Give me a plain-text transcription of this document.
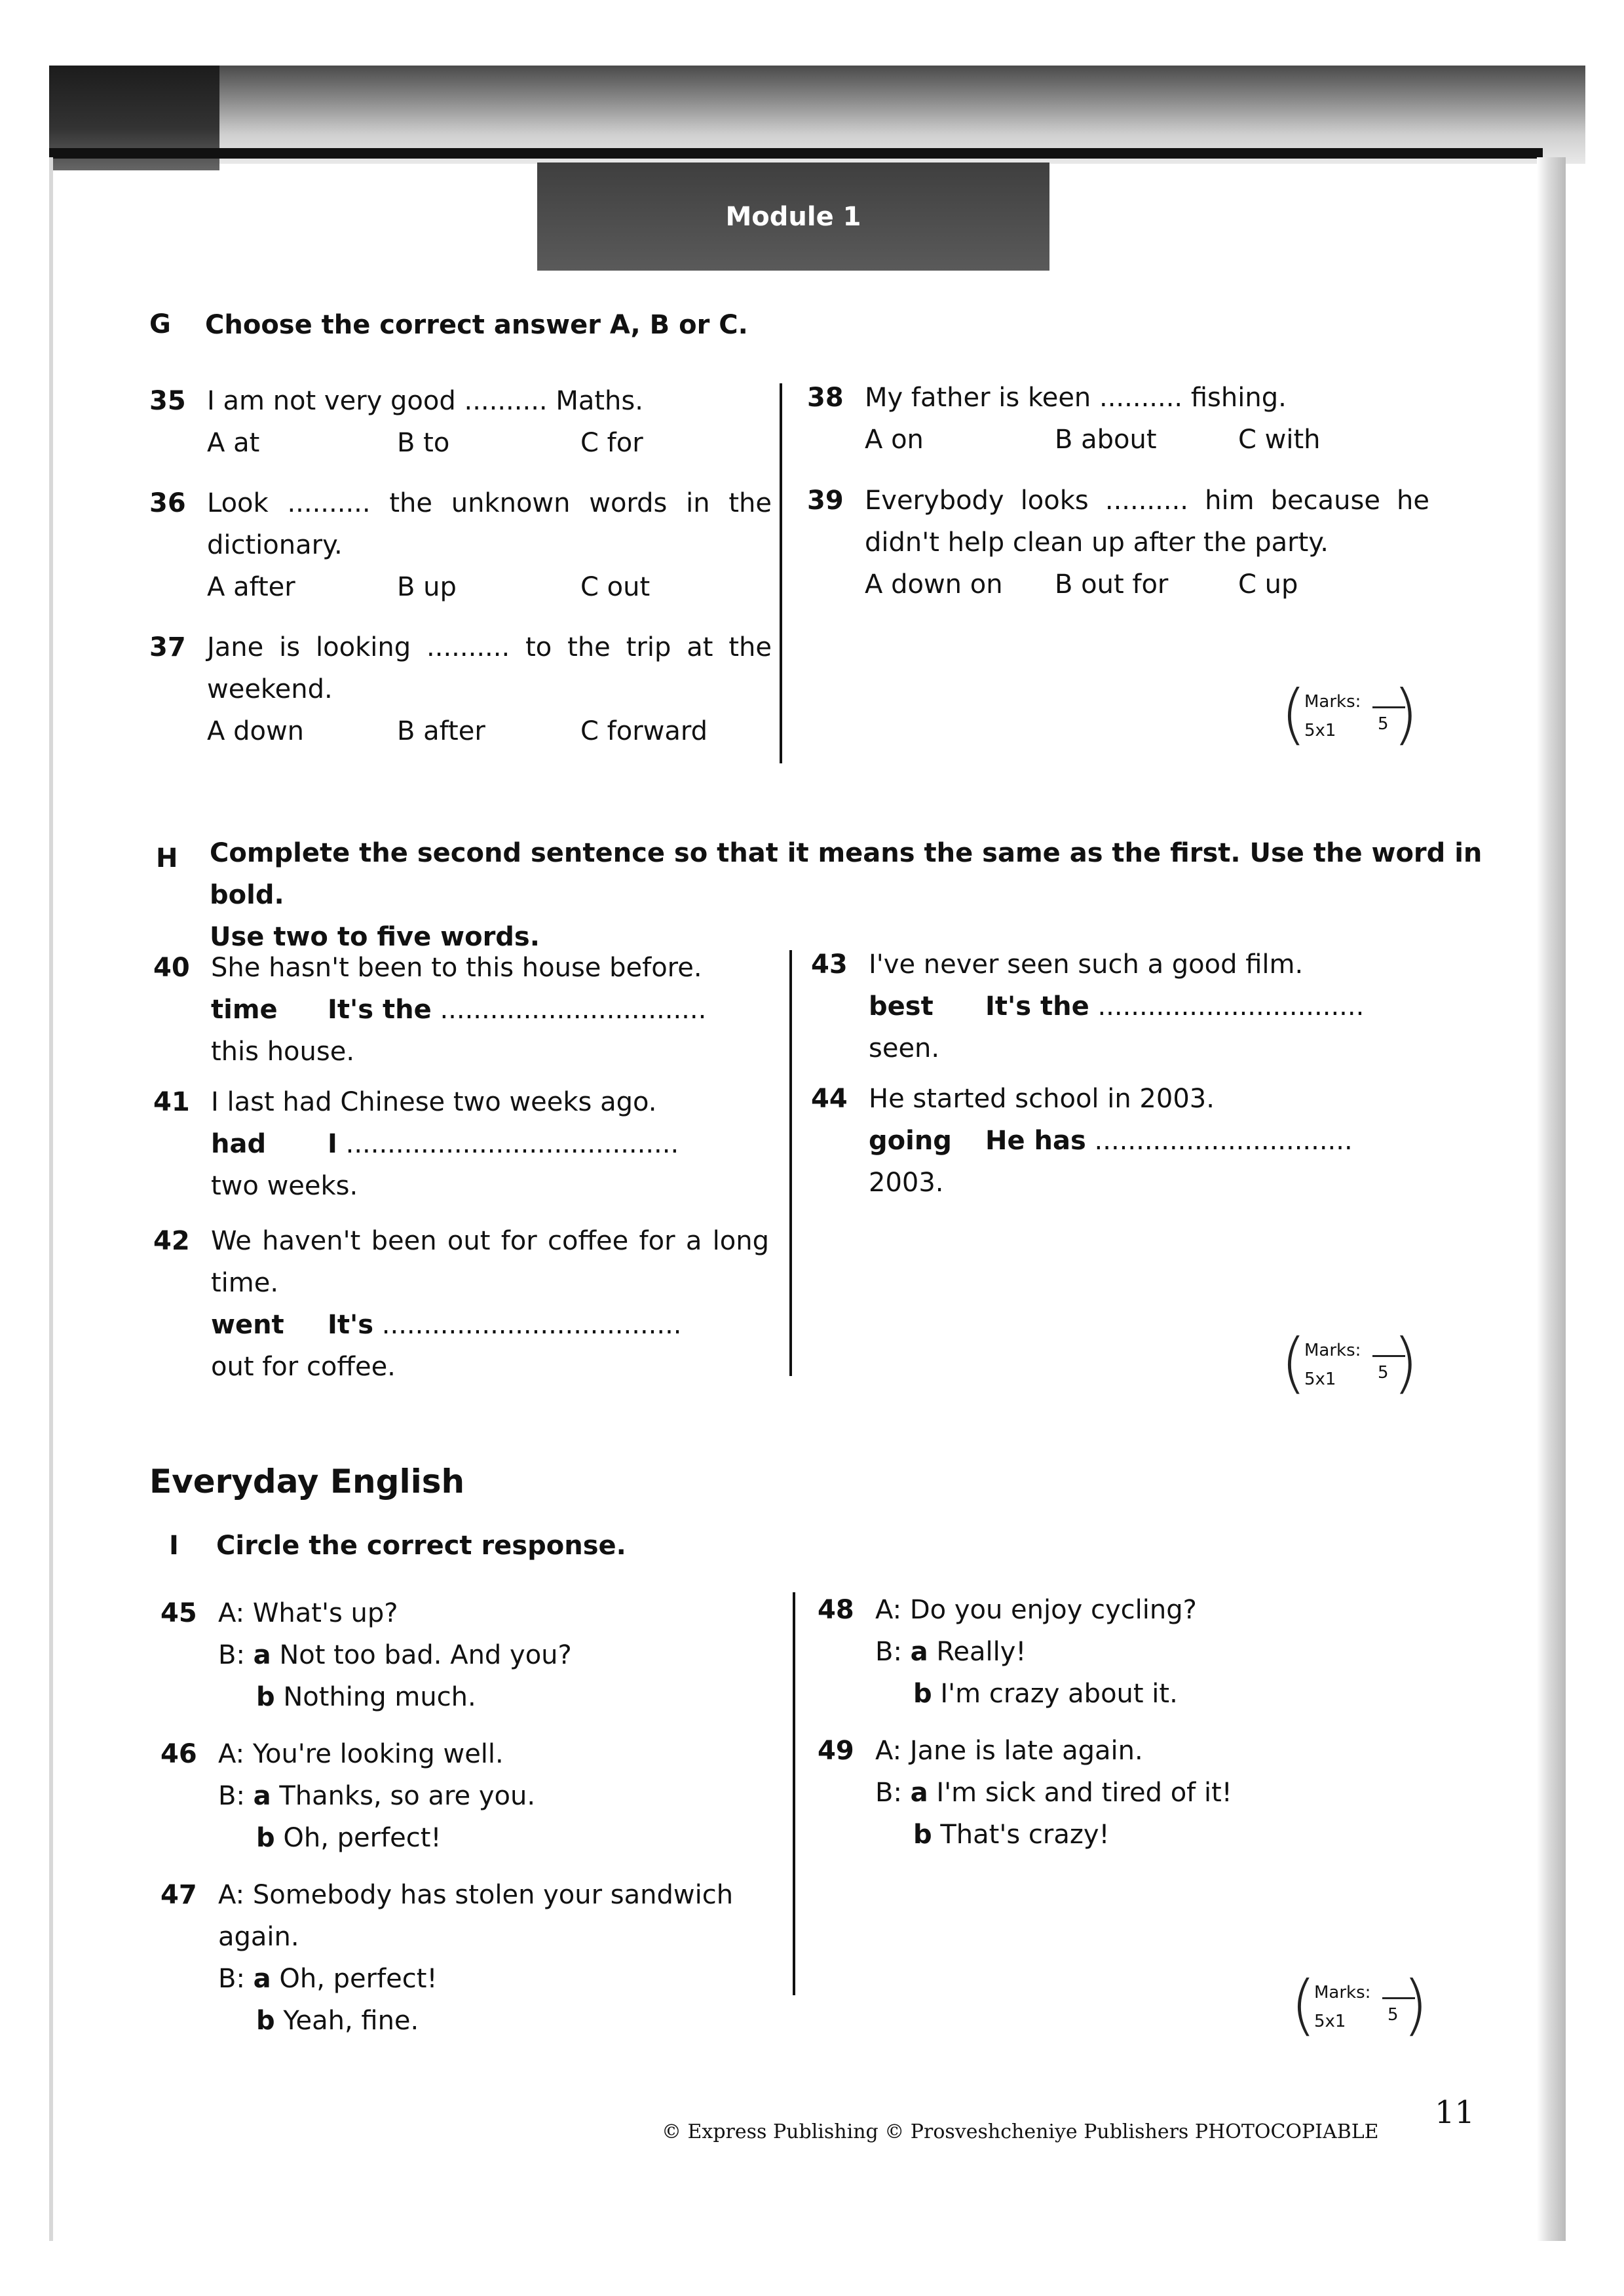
Module 1
G Choose the correct answer A, B or C.
35 I am not very good .......... Maths.
A at	B to	C for
36 Look .......... the unknown words in the dictionary.
A after	B up	C out
37 Jane is looking .......... to the trip at the weekend.
A down	B after	C forward
38 My father is keen .......... fishing.
A on	B about	C with
39 Everybody looks .......... him because he didn't help clean up after the party.
A down on	B out for	C up
(
Marks:
5x1 5 )
H Complete the second sentence so that it means the same as the first. Use the word in bold.
Use two to five words.
40 She hasn't been to this house before.
time It's the ................................
this house.
41 I last had Chinese two weeks ago.
had I ........................................
two weeks.
42 We haven't been out for coffee for a long time.
went It's ....................................
out for coffee.
43 I've never seen such a good film.
best It's the ................................
seen.
44 He started school in 2003.
going He has ...............................
2003.
(
Marks:
5x1 5 )
Everyday English
I Circle the correct response.
45 A: What's up?
B: a Not too bad. And you?
b Nothing much.
46 A: You're looking well.
B: a Thanks, so are you.
b Oh, perfect!
47 A: Somebody has stolen your sandwich again.
B: a Oh, perfect!
b Yeah, fine.
48 A: Do you enjoy cycling?
B: a Really!
b I'm crazy about it.
49 A: Jane is late again.
B: a I'm sick and tired of it!
b That's crazy!
(
Marks:
5x1 5 )
© Express Publishing © Prosveshcheniye Publishers PHOTOCOPIABLE
11
